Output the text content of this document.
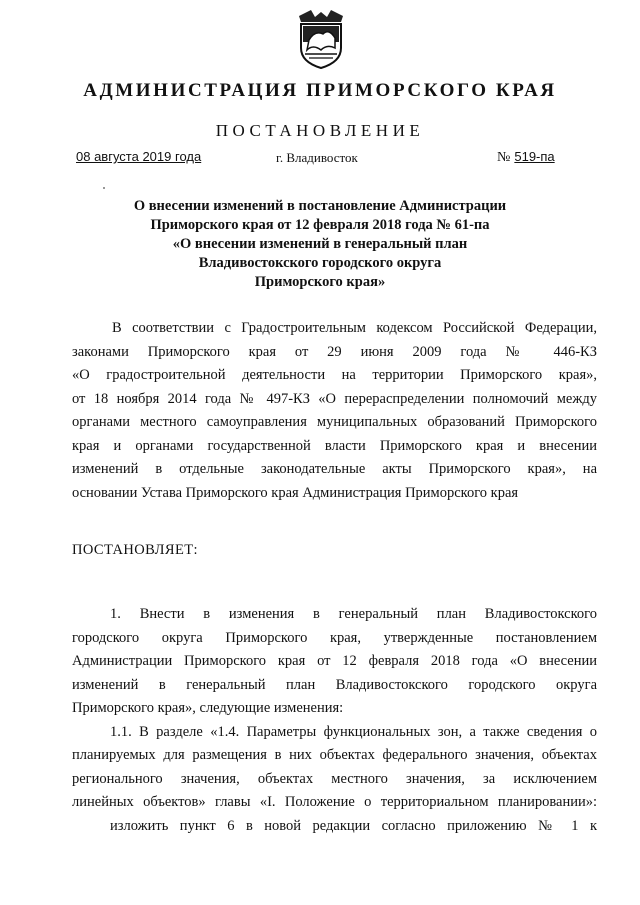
АДМИНИСТРАЦИЯ ПРИМОРСКОГО КРАЯ
ПОСТАНОВЛЕНИЕ
08 августа 2019 года	г. Владивосток	№ 519-па
О внесении изменений в постановление Администрации
Приморского края от 12 февраля 2018 года № 61-па
«О внесении изменений в генеральный план
Владивостокского городского округа
Приморского края»
В соответствии с Градостроительным кодексом Российской Федерации,
законами Приморского края от 29 июня 2009 года № 446-КЗ
«О градостроительной деятельности на территории Приморского края»,
от 18 ноября 2014 года № 497-КЗ «О перераспределении полномочий между
органами местного самоуправления муниципальных образований Приморского
края и органами государственной власти Приморского края и внесении
изменений в отдельные законодательные акты Приморского края», на
основании Устава Приморского края Администрация Приморского края
ПОСТАНОВЛЯЕТ:
1. Внести в изменения в генеральный план Владивостокского
городского округа Приморского края, утвержденные постановлением
Администрации Приморского края от 12 февраля 2018 года «О внесении
изменений в генеральный план Владивостокского городского округа
Приморского края», следующие изменения:
1.1. В разделе «1.4. Параметры функциональных зон, а также сведения о
планируемых для размещения в них объектах федерального значения, объектах
регионального значения, объектах местного значения, за исключением
линейных объектов» главы «I. Положение о территориальном планировании»:
изложить пункт 6 в новой редакции согласно приложению № 1 к
